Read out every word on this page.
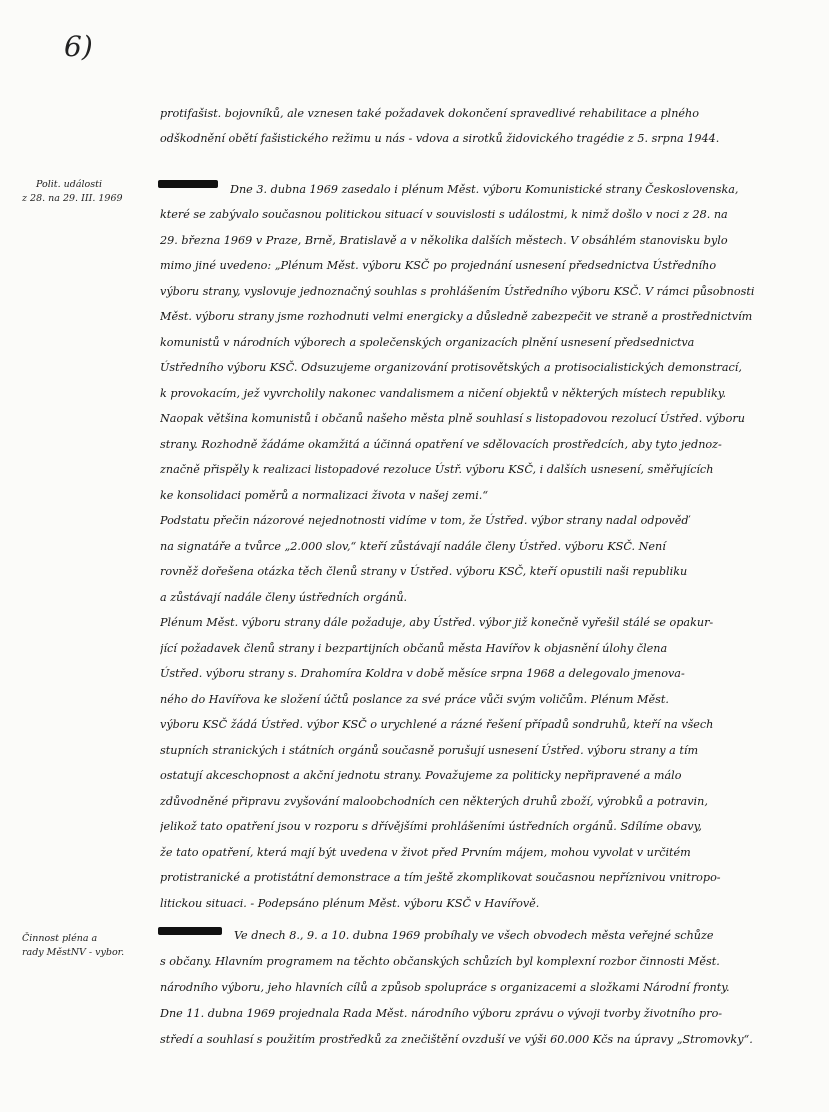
6)
Polit. události
z 28. na 29. III. 1969
Činnost pléna a
rady MěstNV - vybor.
protifašist. bojovníků, ale vznesen také požadavek dokončení spravedlivé rehabilitace a plného
odškodnění obětí fašistického režimu u nás - vdova a sirotků židovického tragédie z 5. srpna 1944.
Dne 3. dubna 1969 zasedalo i plénum Měst. výboru Komunistické strany Československa,
které se zabývalo současnou politickou situací v souvislosti s událostmi, k nimž došlo v noci z 28. na
29. března 1969 v Praze, Brně, Bratislavě a v několika dalších městech. V obsáhlém stanovisku bylo
mimo jiné uvedeno: „Plénum Měst. výboru KSČ po projednání usnesení předsednictva Ústředního
výboru strany, vyslovuje jednoznačný souhlas s prohlášením Ústředního výboru KSČ. V rámci působnosti
Měst. výboru strany jsme rozhodnuti velmi energicky a důsledně zabezpečit ve straně a prostřednictvím
komunistů v národních výborech a společenských organizacích plnění usnesení předsednictva
Ústředního výboru KSČ. Odsuzujeme organizování protisovětských a protisocialistických demonstrací,
k provokacím, jež vyvrcholily nakonec vandalismem a ničení objektů v některých místech republiky.
Naopak většina komunistů i občanů našeho města plně souhlasí s listopadovou rezolucí Ústřed. výboru
strany. Rozhodně žádáme okamžitá a účinná opatření ve sdělovacích prostředcích, aby tyto jednoz-
značně přispěly k realizaci listopadové rezoluce Ústř. výboru KSČ, i dalších usnesení, směřujících
ke konsolidaci poměrů a normalizaci života v našej zemi.“
Podstatu přečin názorové nejednotnosti vidíme v tom, že Ústřed. výbor strany nadal odpověď
na signatáře a tvůrce „2.000 slov,“ kteří zůstávají nadále členy Ústřed. výboru KSČ. Není
rovněž dořešena otázka těch členů strany v Ústřed. výboru KSČ, kteří opustili naši republiku
a zůstávají nadále členy ústředních orgánů.
Plénum Měst. výboru strany dále požaduje, aby Ústřed. výbor již konečně vyřešil stálé se opakur-
jící požadavek členů strany i bezpartijních občanů města Havířov k objasnění úlohy člena
Ústřed. výboru strany s. Drahomíra Koldra v době měsíce srpna 1968 a delegovalo jmenova-
ného do Havířova ke složení účtů poslance za své práce vůči svým voličům. Plénum Měst.
výboru KSČ žádá Ústřed. výbor KSČ o urychlené a rázné řešení případů sondruhů, kteří na všech
stupních stranických i státních orgánů současně porušují usnesení Ústřed. výboru strany a tím
ostatují akceschopnost a akční jednotu strany. Považujeme za politicky nepřipravené a málo
zdůvodněné připravu zvyšování maloobchodních cen některých druhů zboží, výrobků a potravin,
jelikož tato opatření jsou v rozporu s dřívějšími prohlášeními ústředních orgánů. Sdílíme obavy,
že tato opatření, která mají být uvedena v život před Prvním májem, mohou vyvolat v určitém
protistranické a protistátní demonstrace a tím ještě zkomplikovat současnou nepříznivou vnitropo-
litickou situaci. - Podepsáno plénum Měst. výboru KSČ v Havířově.
Ve dnech 8., 9. a 10. dubna 1969 probíhaly ve všech obvodech města veřejné schůze
s občany. Hlavním programem na těchto občanských schůzích byl komplexní rozbor činnosti Měst.
národního výboru, jeho hlavních cílů a způsob spolupráce s organizacemi a složkami Národní fronty.
Dne 11. dubna 1969 projednala Rada Měst. národního výboru zprávu o vývoji tvorby životního pro-
středí a souhlasí s použitím prostředků za znečištění ovzduší ve výši 60.000 Kčs na úpravy „Stromovky“.
